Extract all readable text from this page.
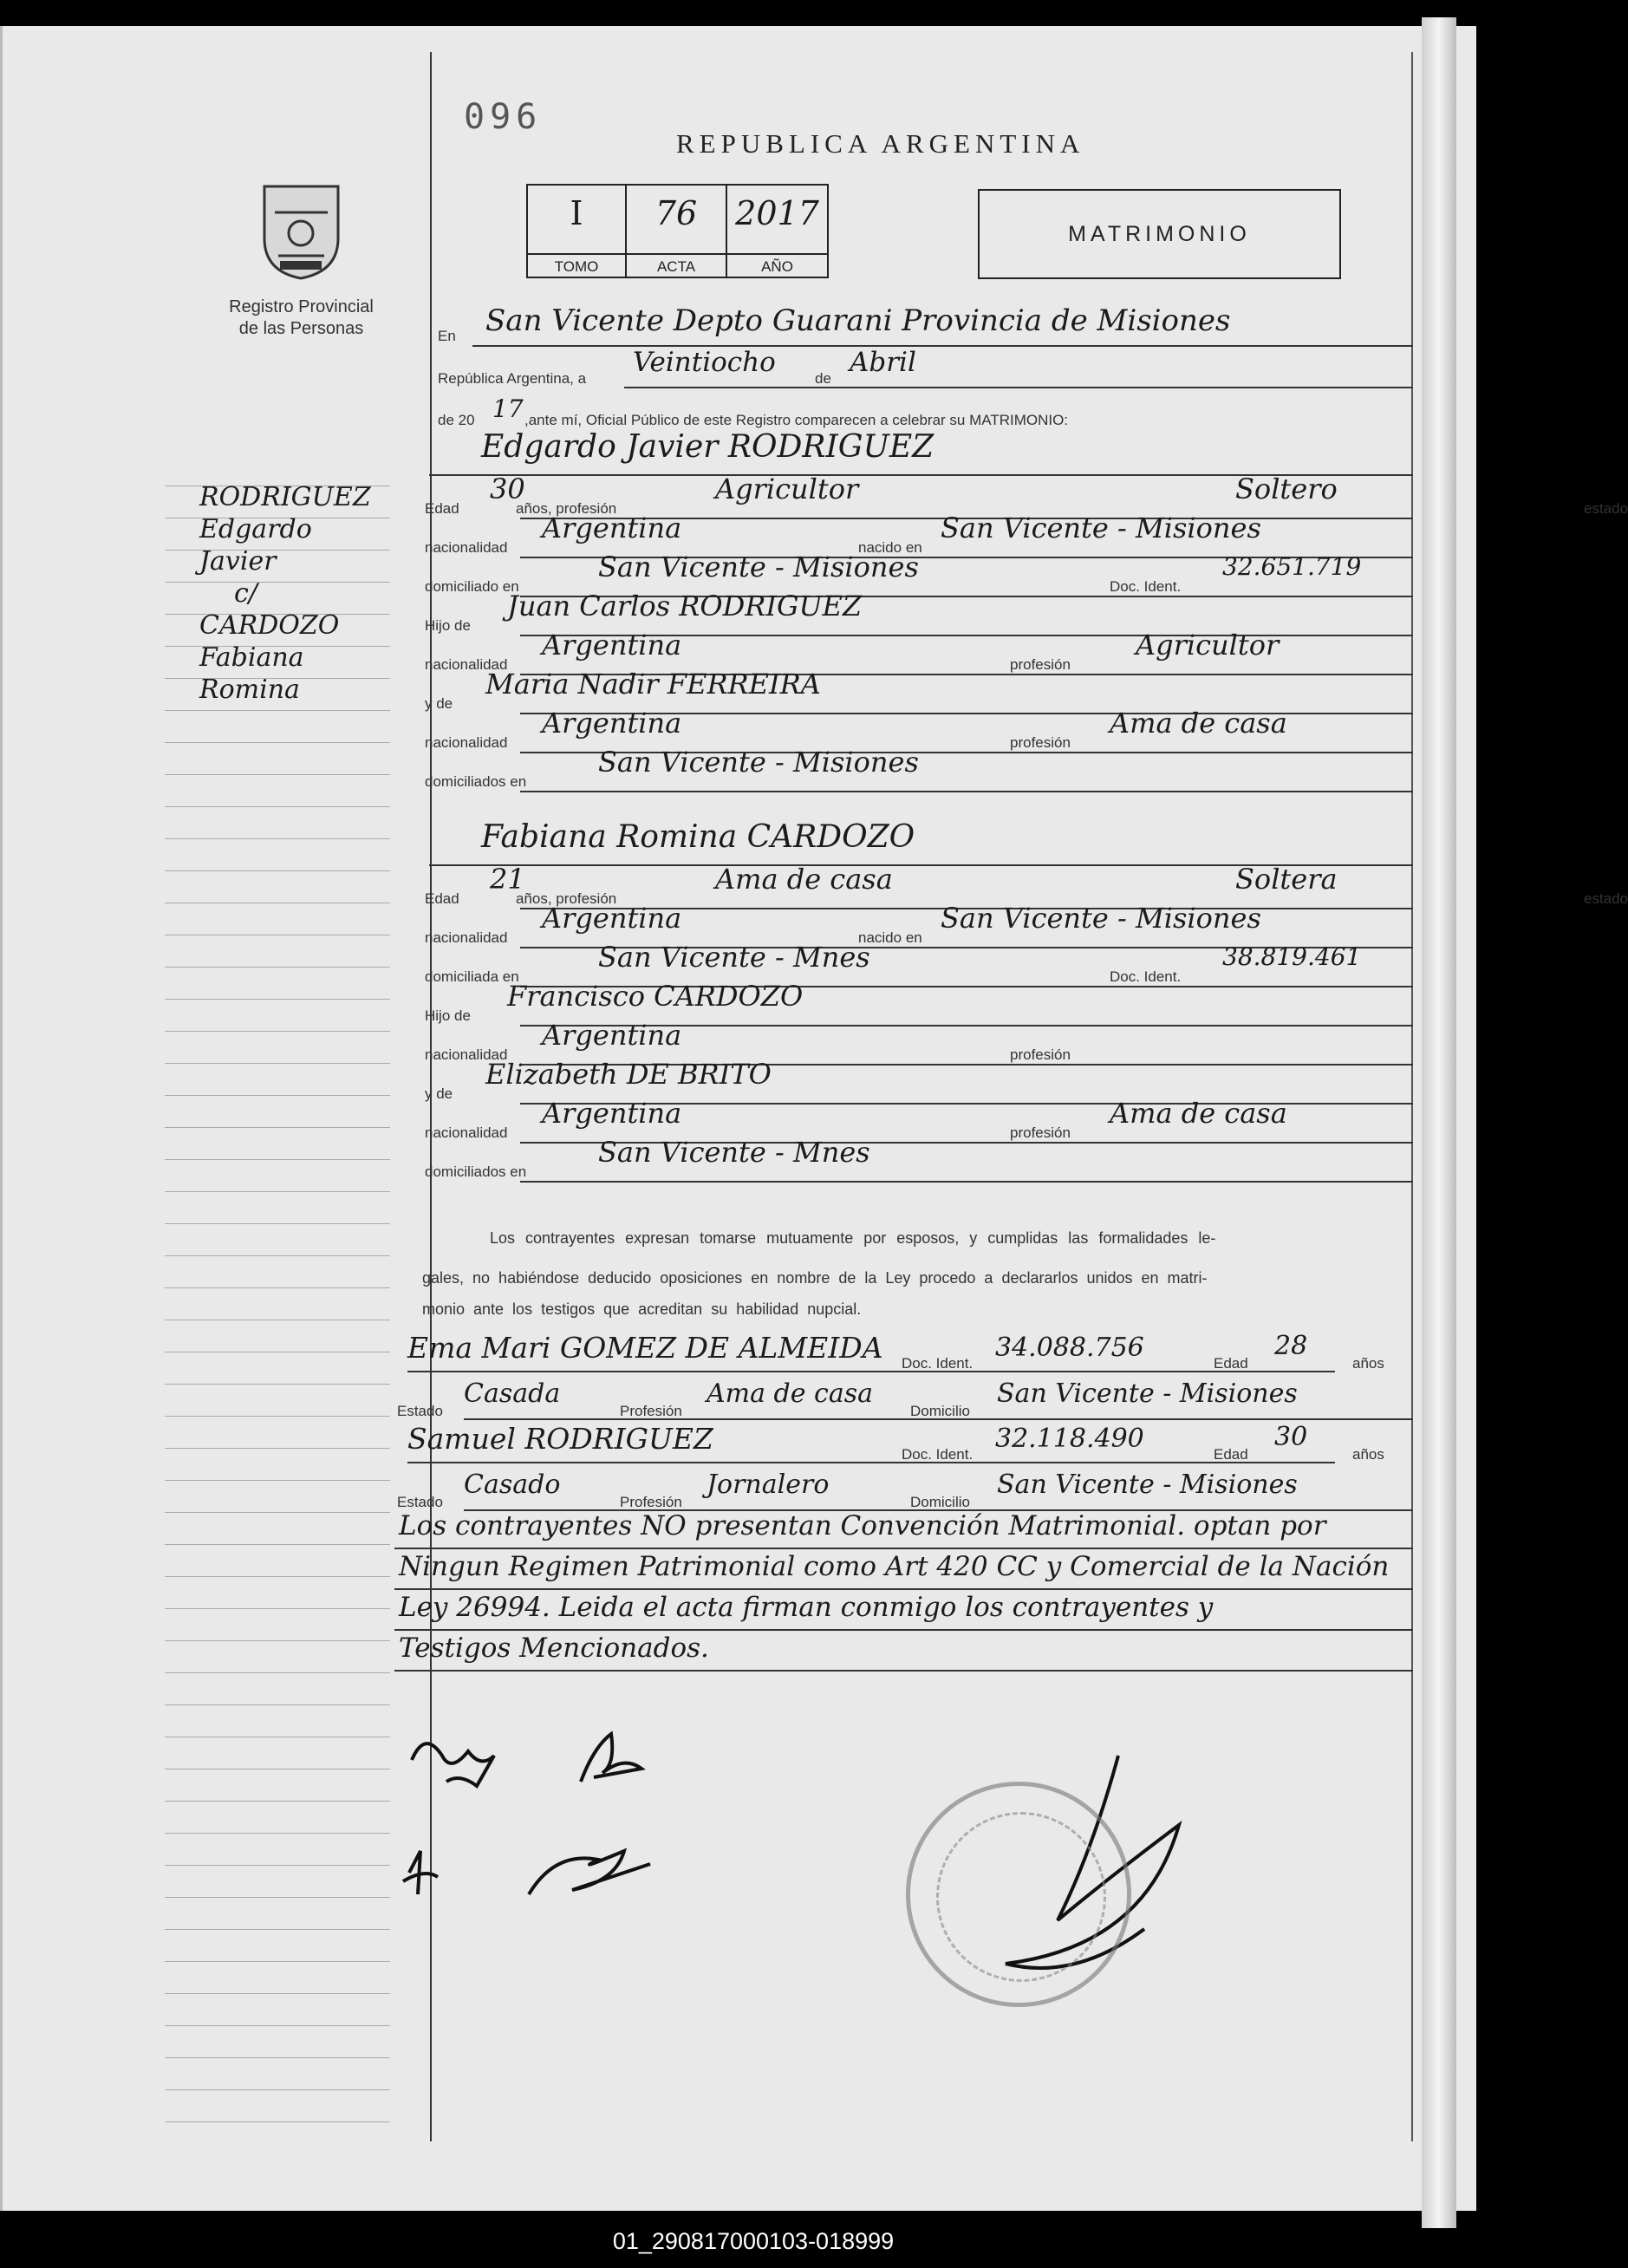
096
REPUBLICA ARGENTINA
Registro Provincial
de las Personas
I
TOMO
76
ACTA
2017
AÑO
MATRIMONIO
RODRIGUEZ
Edgardo
Javier
c/
CARDOZO
Fabiana
Romina
En San Vicente Depto Guarani Provincia de Misiones
República Argentina, a
Veintiocho
de
Abril
de 20 17 ,ante mí, Oficial Público de este Registro comparecen a celebrar su MATRIMONIO:
Edgardo Javier RODRIGUEZ
Edad
30
años, profesión
Agricultor
estado
Soltero
nacionalidad
Argentina
nacido en
San Vicente - Misiones
domiciliado en
San Vicente - Misiones
Doc. Ident.
32.651.719
Hijo de
Juan Carlos RODRIGUEZ
nacionalidad
Argentina
profesión
Agricultor
y de
Maria Nadir FERREIRA
nacionalidad
Argentina
profesión
Ama de casa
domiciliados en
San Vicente - Misiones
Fabiana Romina CARDOZO
Edad
21
años, profesión
Ama de casa
estado
Soltera
nacionalidad
Argentina
nacido en
San Vicente - Misiones
domiciliada en
San Vicente - Mnes
Doc. Ident.
38.819.461
Hijo de
Francisco CARDOZO
nacionalidad
Argentina
profesión
y de
Elizabeth DE BRITO
nacionalidad
Argentina
profesión
Ama de casa
domiciliados en
San Vicente - Mnes
Los contrayentes expresan tomarse mutuamente por esposos, y cumplidas las formalidades le-
gales, no habiéndose deducido oposiciones en nombre de la Ley procedo a declararlos unidos en matri-
monio ante los testigos que acreditan su habilidad nupcial.
Ema Mari GOMEZ DE ALMEIDA Doc. Ident.
34.088.756
Edad
28
años
Estado
Casada
Profesión
Ama de casa
Domicilio
San Vicente - Misiones
Samuel RODRIGUEZ	Doc. Ident.
32.118.490
Edad
30
años
Estado
Casado
Profesión
Jornalero
Domicilio
San Vicente - Misiones
Los contrayentes NO presentan Convención Matrimonial. optan por
Ningun Regimen Patrimonial como Art 420 CC y Comercial de la Nación
Ley 26994. Leida el acta firman conmigo los contrayentes y
Testigos Mencionados.
01_290817000103-018999
